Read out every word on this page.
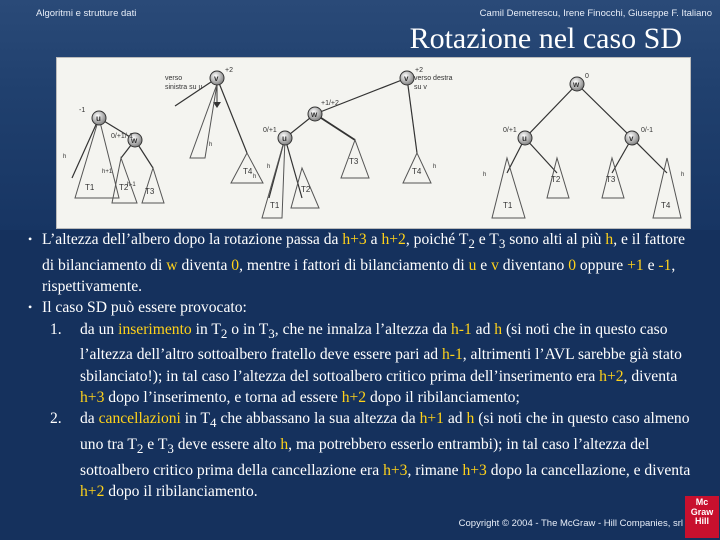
Algoritmi e strutture dati	Camil Demetrescu, Irene Finocchi, Giuseppe F. Italiano
Rotazione nel caso SD
verso
sinistra su u
v
u
w
+2
-1
0/+1/-1
T1	T2 T3
T4
h
h+1
h
h-1
h
verso destra
su v
v
w
u
+2
+1/+2
0/+1
T1
T2
T3
T4 h
h
w
u	v
0
0/+1	0/-1
T1
T2	T3
T4
h	h
• L’altezza dell’albero dopo la rotazione passa da h+3 a h+2, poiché $T_2$ e $T_3$ sono alti al più h, e il fattore di bilanciamento di w diventa 0, mentre i fattori di bilanciamento di u e v diventano 0 oppure +1 e -1, rispettivamente.
• Il caso SD può essere provocato:
1. da un inserimento in $T_2$ o in $T_3$, che ne innalza l’altezza da h-1 ad h (si noti che in questo caso l’altezza dell’altro sottoalbero fratello deve essere pari ad h-1, altrimenti l’AVL sarebbe già stato sbilanciato!); in tal caso l’altezza del sottoalbero critico prima dell’inserimento era h+2, diventa h+3 dopo l’inserimento, e torna ad essere h+2 dopo il ribilanciamento;
2. da cancellazioni in $T_4$ che abbassano la sua altezza da h+1 ad h (si noti che in questo caso almeno uno tra $T_2$ e $T_3$ deve essere alto h, ma potrebbero esserlo entrambi); in tal caso l’altezza del sottoalbero critico prima della cancellazione era h+3, rimane h+3 dopo la cancellazione, e diventa h+2 dopo il ribilanciamento.
Copyright © 2004 - The McGraw - Hill Companies, srl
Mc
Graw
Hill
